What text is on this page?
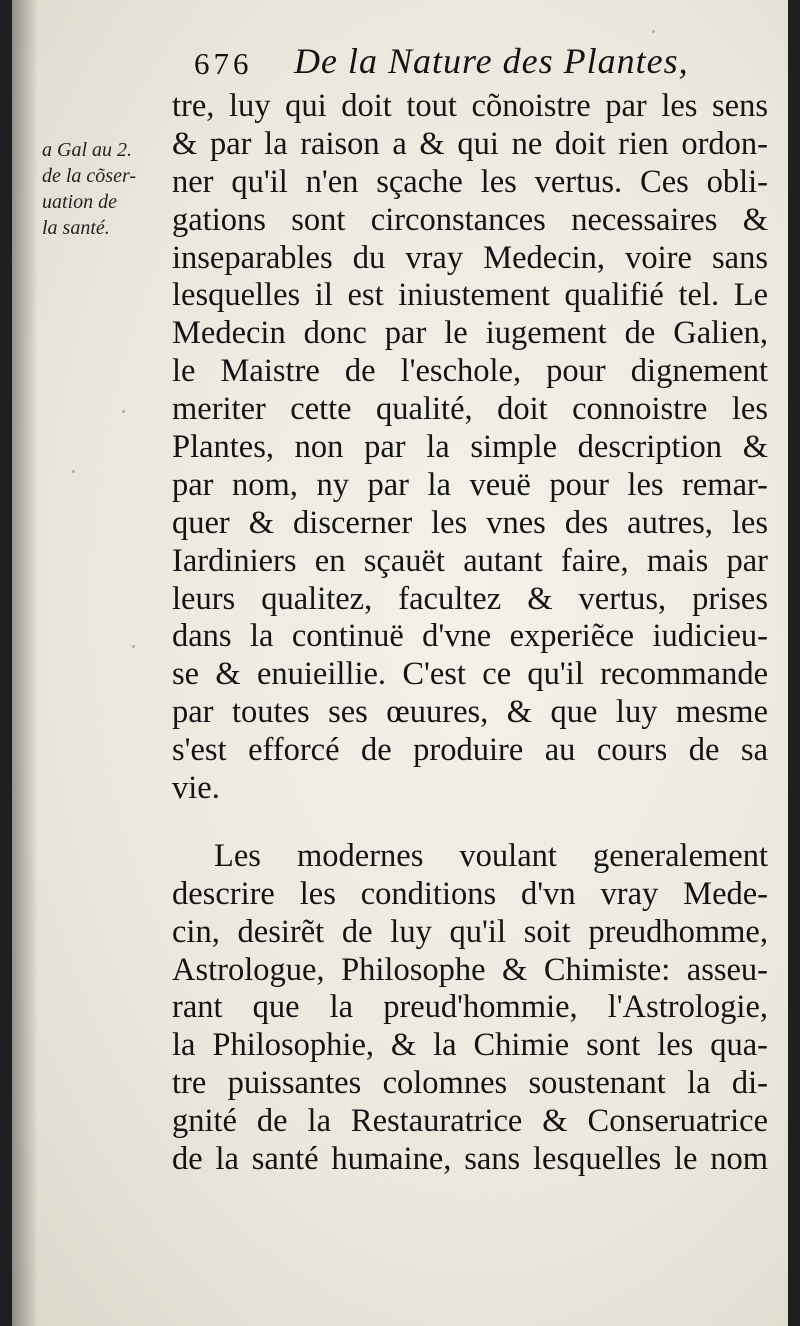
676 De la Nature des Plantes,
a Gal au 2.
de la cõser-
uation de
la santé.
tre, luy qui doit tout cõnoistre par les sens
& par la raison a & qui ne doit rien ordon-
ner qu'il n'en sçache les vertus. Ces obli-
gations sont circonstances necessaires &
inseparables du vray Medecin, voire sans
lesquelles il est iniustement qualifié tel. Le
Medecin donc par le iugement de Galien,
le Maistre de l'eschole, pour dignement
meriter cette qualité, doit connoistre les
Plantes, non par la simple description &
par nom, ny par la veuë pour les remar-
quer & discerner les vnes des autres, les
Iardiniers en sçauët autant faire, mais par
leurs qualitez, facultez & vertus, prises
dans la continuë d'vne experiẽce iudicieu-
se & enuieillie. C'est ce qu'il recommande
par toutes ses œuures, & que luy mesme
s'est efforcé de produire au cours de sa
vie.
Les modernes voulant generalement
descrire les conditions d'vn vray Mede-
cin, desirẽt de luy qu'il soit preudhomme,
Astrologue, Philosophe & Chimiste: asseu-
rant que la preud'hommie, l'Astrologie,
la Philosophie, & la Chimie sont les qua-
tre puissantes colomnes soustenant la di-
gnité de la Restauratrice & Conseruatrice
de la santé humaine, sans lesquelles le nom
